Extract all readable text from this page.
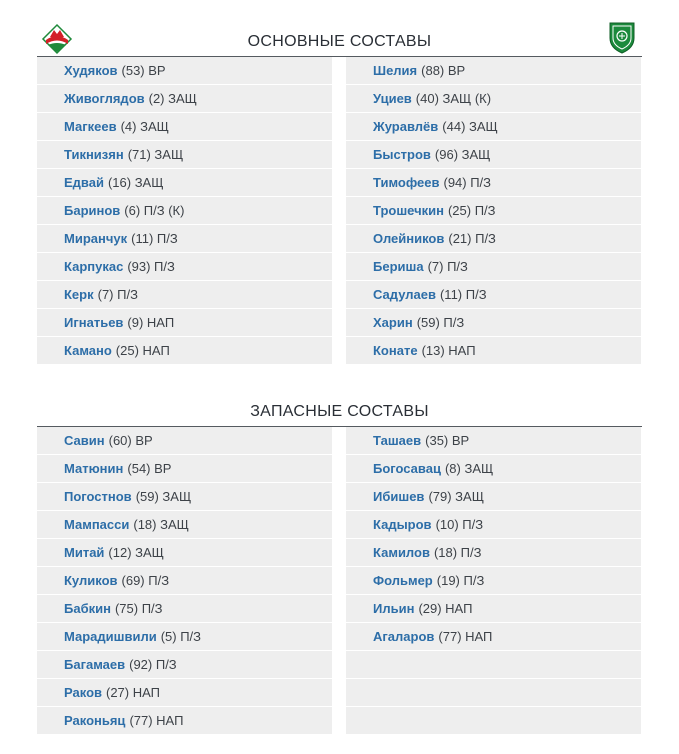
ОСНОВНЫЕ СОСТАВЫ
Худяков (53) ВР
Живоглядов (2) ЗАЩ
Магкеев (4) ЗАЩ
Тикнизян (71) ЗАЩ
Едвай (16) ЗАЩ
Баринов (6) П/З (К)
Миранчук (11) П/З
Карпукас (93) П/З
Керк (7) П/З
Игнатьев (9) НАП
Камано (25) НАП
Шелия (88) ВР
Уциев (40) ЗАЩ (К)
Журавлёв (44) ЗАЩ
Быстров (96) ЗАЩ
Тимофеев (94) П/З
Трошечкин (25) П/З
Олейников (21) П/З
Бериша (7) П/З
Садулаев (11) П/З
Харин (59) П/З
Конате (13) НАП
ЗАПАСНЫЕ СОСТАВЫ
Савин (60) ВР
Матюнин (54) ВР
Погостнов (59) ЗАЩ
Мампасси (18) ЗАЩ
Митай (12) ЗАЩ
Куликов (69) П/З
Бабкин (75) П/З
Марадишвили (5) П/З
Багамаев (92) П/З
Раков (27) НАП
Раконьяц (77) НАП
Ташаев (35) ВР
Богосавац (8) ЗАЩ
Ибишев (79) ЗАЩ
Кадыров (10) П/З
Камилов (18) П/З
Фольмер (19) П/З
Ильин (29) НАП
Агаларов (77) НАП
